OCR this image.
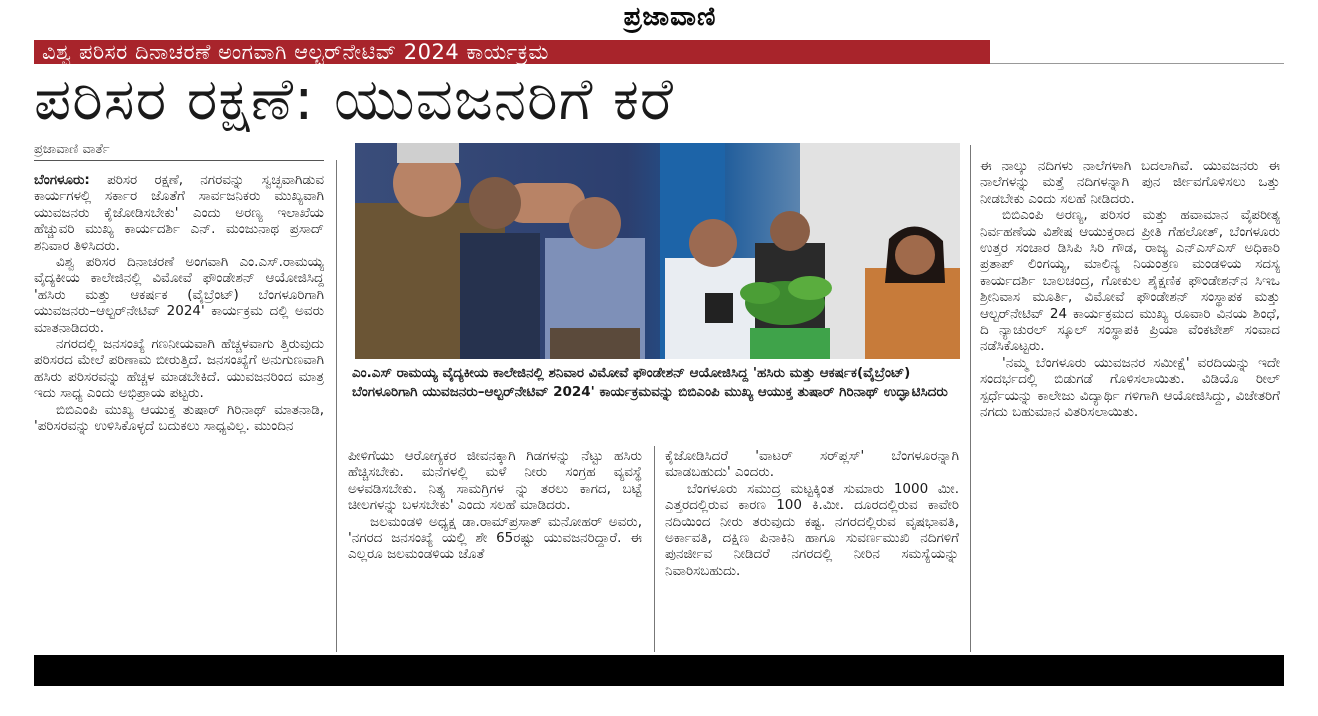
ಪ್ರಜಾವಾಣಿ
ವಿಶ್ವ ಪರಿಸರ ದಿನಾಚರಣೆ ಅಂಗವಾಗಿ ಆಲ್ಟರ್‌ನೇಟಿವ್ 2024 ಕಾರ್ಯಕ್ರಮ
ಪರಿಸರ ರಕ್ಷಣೆ: ಯುವಜನರಿಗೆ ಕರೆ
ಪ್ರಜಾವಾಣಿ ವಾರ್ತೆ

ಬೆಂಗಳೂರು: ಪರಿಸರ ರಕ್ಷಣೆ, ನಗರವನ್ನು ಸ್ವಚ್ಛವಾಗಿಡುವ ಕಾರ್ಯಗಳಲ್ಲಿ ಸರ್ಕಾರ ಜೊತೆಗೆ ಸಾರ್ವಜನಿಕರು ಮುಖ್ಯವಾಗಿ ಯುವಜನರು ಕೈಜೋಡಿಸಬೇಕು' ಎಂದು ಅರಣ್ಯ ಇಲಾಖೆಯ ಹೆಚ್ಚುವರಿ ಮುಖ್ಯ ಕಾರ್ಯದರ್ಶಿ ಎನ್. ಮಂಜುನಾಥ ಪ್ರಸಾದ್ ಶನಿವಾರ ತಿಳಿಸಿದರು.

ವಿಶ್ವ ಪರಿಸರ ದಿನಾಚರಣೆ ಅಂಗವಾಗಿ ಎಂ.ಎಸ್.ರಾಮಯ್ಯ ವೈದ್ಯಕೀಯ ಕಾಲೇಜಿನಲ್ಲಿ ವಿಮೋವೆ ಫೌಂಡೇಶನ್ ಆಯೋಜಿಸಿದ್ದ 'ಹಸಿರು ಮತ್ತು ಆಕರ್ಷಕ (ವೈಬ್ರೆಂಟ್) ಬೆಂಗಳೂರಿಗಾಗಿ ಯುವಜನರು–ಆಲ್ಟರ್‌ನೇಟಿವ್ 2024' ಕಾರ್ಯಕ್ರಮ ದಲ್ಲಿ ಅವರು ಮಾತನಾಡಿದರು.

ನಗರದಲ್ಲಿ ಜನಸಂಖ್ಯೆ ಗಣನೀಯವಾಗಿ ಹೆಚ್ಚಳವಾಗು ತ್ತಿರುವುದು ಪರಿಸರದ ಮೇಲೆ ಪರಿಣಾಮ ಬೀರುತ್ತಿದೆ. ಜನಸಂಖ್ಯೆಗೆ ಅನುಗುಣವಾಗಿ ಹಸಿರು ಪರಿಸರವನ್ನು ಹೆಚ್ಚಳ ಮಾಡಬೇಕಿದೆ. ಯುವಜನರಿಂದ ಮಾತ್ರ ಇದು ಸಾಧ್ಯ ಎಂದು ಅಭಿಪ್ರಾಯ ಪಟ್ಟರು.

ಬಿಬಿಎಂಪಿ ಮುಖ್ಯ ಆಯುಕ್ತ ತುಷಾರ್ ಗಿರಿನಾಥ್ ಮಾತನಾಡಿ, 'ಪರಿಸರವನ್ನು ಉಳಿಸಿಕೊಳ್ಳದೆ ಬದುಕಲು ಸಾಧ್ಯವಿಲ್ಲ. ಮುಂದಿನ

ಎಂ.ಎಸ್ ರಾಮಯ್ಯ ವೈದ್ಯಕೀಯ ಕಾಲೇಜಿನಲ್ಲಿ ಶನಿವಾರ ವಿಮೋವೆ ಫೌಂಡೇಶನ್ ಆಯೋಜಿಸಿದ್ದ 'ಹಸಿರು ಮತ್ತು ಆಕರ್ಷಕ(ವೈಬ್ರೆಂಟ್) ಬೆಂಗಳೂರಿಗಾಗಿ ಯುವಜನರು–ಆಲ್ಟರ್‌ನೇಟಿವ್ 2024' ಕಾರ್ಯಕ್ರಮವನ್ನು ಬಿಬಿಎಂಪಿ ಮುಖ್ಯ ಆಯುಕ್ತ ತುಷಾರ್ ಗಿರಿನಾಥ್ ಉದ್ಘಾಟಿಸಿದರು

ಪೀಳಿಗೆಯು ಆರೋಗ್ಯಕರ ಜೀವನಕ್ಕಾಗಿ ಗಿಡಗಳನ್ನು ನೆಟ್ಟು ಹಸಿರು ಹೆಚ್ಚಿಸಬೇಕು. ಮನೆಗಳಲ್ಲಿ ಮಳೆ ನೀರು ಸಂಗ್ರಹ ವ್ಯವಸ್ಥೆ ಅಳವಡಿಸಬೇಕು. ನಿತ್ಯ ಸಾಮಗ್ರಿಗಳ ನ್ನು ತರಲು ಕಾಗದ, ಬಟ್ಟೆ ಚೀಲಗಳನ್ನು ಬಳಸಬೇಕು' ಎಂದು ಸಲಹೆ ಮಾಡಿದರು.

ಜಲಮಂಡಳಿ ಅಧ್ಯಕ್ಷ ಡಾ.ರಾಮ್‌ಪ್ರಸಾತ್ ಮನೋಹರ್ ಅವರು, 'ನಗರದ ಜನಸಂಖ್ಯೆ ಯಲ್ಲಿ ಶೇ 65ರಷ್ಟು ಯುವಜನರಿದ್ದಾರೆ. ಈ ಎಲ್ಲರೂ ಜಲಮಂಡಳಿಯ ಜೊತೆ

ಕೈಜೋಡಿಸಿದರೆ 'ವಾಟರ್ ಸರ್‌ಪ್ಲಸ್' ಬೆಂಗಳೂರನ್ನಾಗಿ ಮಾಡಬಹುದು' ಎಂದರು.

ಬೆಂಗಳೂರು ಸಮುದ್ರ ಮಟ್ಟಕ್ಕಿಂತ ಸುಮಾರು 1000 ಮೀ. ಎತ್ತರದಲ್ಲಿರುವ ಕಾರಣ 100 ಕಿ.ಮೀ. ದೂರದಲ್ಲಿರುವ ಕಾವೇರಿ ನದಿಯಿಂದ ನೀರು ತರುವುದು ಕಷ್ಟ. ನಗರದಲ್ಲಿರುವ ವೃಷಭಾವತಿ, ಅರ್ಕಾವತಿ, ದಕ್ಷಿಣ ಪಿನಾಕಿನಿ ಹಾಗೂ ಸುವರ್ಣಮುಖಿ ನದಿಗಳಿಗೆ ಪುನರ್ಜೀವ ನೀಡಿದರೆ ನಗರದಲ್ಲಿ ನೀರಿನ ಸಮಸ್ಯೆಯನ್ನು ನಿವಾರಿಸಬಹುದು.

ಈ ನಾಲ್ಕು ನದಿಗಳು ನಾಲೆಗಳಾಗಿ ಬದಲಾಗಿವೆ. ಯುವಜನರು ಈ ನಾಲೆಗಳನ್ನು ಮತ್ತೆ ನದಿಗಳನ್ನಾಗಿ ಪುನ ರ್ಜೀವಗೊಳಿಸಲು ಒತ್ತು ನೀಡಬೇಕು ಎಂದು ಸಲಹೆ ನೀಡಿದರು.

ಬಿಬಿಎಂಪಿ ಅರಣ್ಯ, ಪರಿಸರ ಮತ್ತು ಹವಾಮಾನ ವೈಪರೀತ್ಯ ನಿರ್ವಹಣೆಯ ವಿಶೇಷ ಆಯುಕ್ತರಾದ ಪ್ರೀತಿ ಗೆಹಲೋತ್, ಬೆಂಗಳೂರು ಉತ್ತರ ಸಂಚಾರ ಡಿಸಿಪಿ ಸಿರಿ ಗೌಡ, ರಾಜ್ಯ ಎನ್‌ಎಸ್‌ಎಸ್ ಅಧಿಕಾರಿ ಪ್ರತಾಪ್ ಲಿಂಗಯ್ಯ, ಮಾಲಿನ್ಯ ನಿಯಂತ್ರಣ ಮಂಡಳಿಯ ಸದಸ್ಯ ಕಾರ್ಯದರ್ಶಿ ಬಾಲಚಂದ್ರ, ಗೋಕುಲ ಶೈಕ್ಷಣಿಕ ಫೌಂಡೇಶನ್‌ನ ಸಿಇಒ ಶ್ರೀನಿವಾಸ ಮೂರ್ತಿ, ವಿಮೋವೆ ಫೌಂಡೇಶನ್ ಸಂಸ್ಥಾಪಕ ಮತ್ತು ಆಲ್ಟರ್‌ನೇಟಿವ್ 24 ಕಾರ್ಯಕ್ರಮದ ಮುಖ್ಯ ರೂವಾರಿ ವಿನಯ ಶಿಂಧೆ, ದಿ ನ್ಯಾಚುರಲ್ ಸ್ಕೂಲ್ ಸಂಸ್ಥಾಪಕಿ ಪ್ರಿಯಾ ವೆಂಕಟೇಶ್ ಸಂವಾದ ನಡೆಸಿಕೊಟ್ಟರು.

'ನಮ್ಮ ಬೆಂಗಳೂರು ಯುವಜನರ ಸಮೀಕ್ಷೆ' ವರದಿಯನ್ನು ಇದೇ ಸಂದರ್ಭದಲ್ಲಿ ಬಿಡುಗಡೆ ಗೊಳಿಸಲಾಯಿತು. ವಿಡಿಯೊ ರೀಲ್ ಸ್ಪರ್ಧೆಯನ್ನು ಕಾಲೇಜು ವಿದ್ಯಾರ್ಥಿ ಗಳಿಗಾಗಿ ಆಯೋಜಿಸಿದ್ದು, ವಿಜೇತರಿಗೆ ನಗದು ಬಹುಮಾನ ವಿತರಿಸಲಾಯಿತು.
